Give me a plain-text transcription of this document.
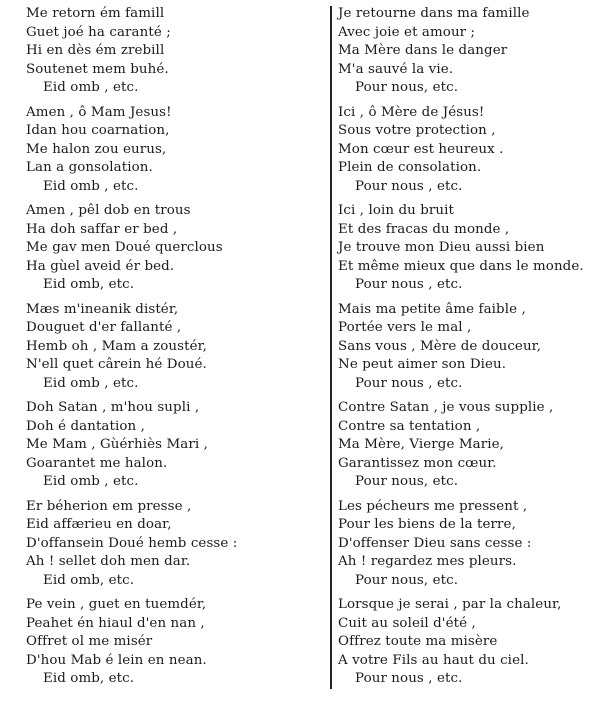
Me retorn ém famill
Guet joé ha caranté ;
Hi en dès ém zrebill
Soutenet mem buhé.
Eid omb , etc.
Amen , ô Mam Jesus!
Idan hou coarnation,
Me halon zou eurus,
Lan a gonsolation.
Eid omb , etc.
Amen , pêl dob en trous
Ha doh saffar er bed ,
Me gav men Doué querclous
Ha gùel aveid ér bed.
Eid omb, etc.
Mæs m'ineanik distér,
Douguet d'er fallanté ,
Hemb oh , Mam a zoustér,
N'ell quet cârein hé Doué.
Eid omb , etc.
Doh Satan , m'hou supli ,
Doh é dantation ,
Me Mam , Gùérhiès Mari ,
Goarantet me halon.
Eid omb , etc.
Er béherion em presse ,
Eid affærieu en doar,
D'offansein Doué hemb cesse :
Ah ! sellet doh men dar.
Eid omb, etc.
Pe vein , guet en tuemdér,
Peahet én hiaul d'en nan ,
Offret ol me misér
D'hou Mab é lein en nean.
Eid omb, etc.
Je retourne dans ma famille
Avec joie et amour ;
Ma Mère dans le danger
M'a sauvé la vie.
Pour nous, etc.
Ici , ô Mère de Jésus!
Sous votre protection ,
Mon cœur est heureux .
Plein de consolation.
Pour nous , etc.
Ici , loin du bruit
Et des fracas du monde ,
Je trouve mon Dieu aussi bien
Et même mieux que dans le monde.
Pour nous , etc.
Mais ma petite âme faible ,
Portée vers le mal ,
Sans vous , Mère de douceur,
Ne peut aimer son Dieu.
Pour nous , etc.
Contre Satan , je vous supplie ,
Contre sa tentation ,
Ma Mère, Vierge Marie,
Garantissez mon cœur.
Pour nous, etc.
Les pécheurs me pressent ,
Pour les biens de la terre,
D'offenser Dieu sans cesse :
Ah ! regardez mes pleurs.
Pour nous, etc.
Lorsque je serai , par la chaleur,
Cuit au soleil d'été ,
Offrez toute ma misère
A votre Fils au haut du ciel.
Pour nous , etc.
